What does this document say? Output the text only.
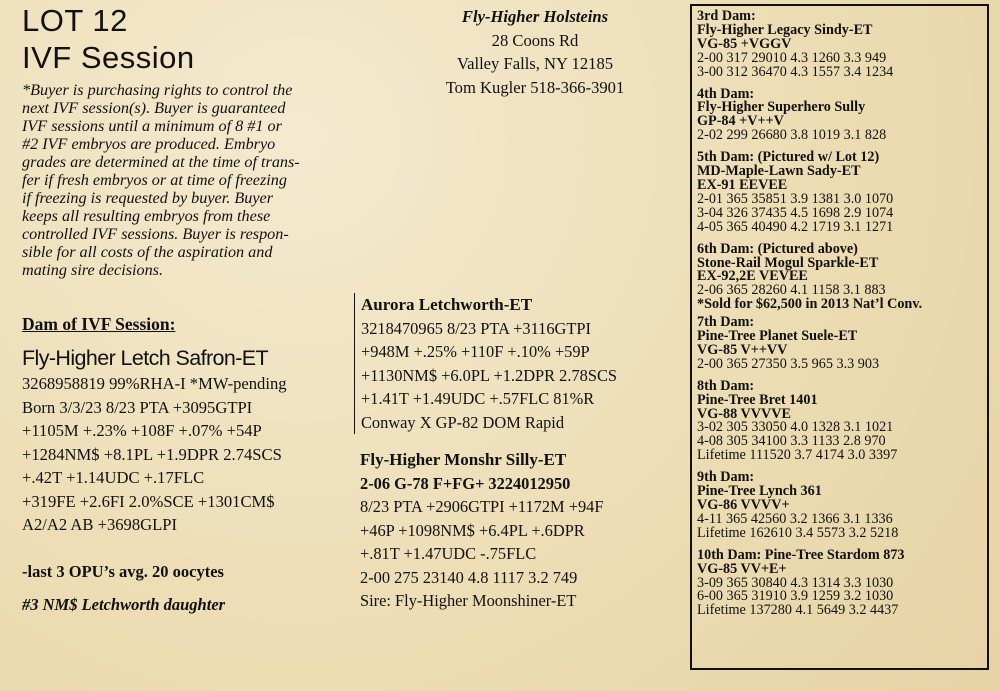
LOT 12
IVF Session
*Buyer is purchasing rights to control the
next IVF session(s). Buyer is guaranteed
IVF sessions until a minimum of 8 #1 or
#2 IVF embryos are produced. Embryo
grades are determined at the time of trans-
fer if fresh embryos or at time of freezing
if freezing is requested by buyer. Buyer
keeps all resulting embryos from these
controlled IVF sessions. Buyer is respon-
sible for all costs of the aspiration and
mating sire decisions.
Dam of IVF Session:
Fly-Higher Letch Safron-ET
3268958819 99%RHA-I *MW-pending
Born 3/3/23 8/23 PTA +3095GTPI
+1105M +.23% +108F +.07% +54P
+1284NM$ +8.1PL +1.9DPR 2.74SCS
+.42T +1.14UDC +.17FLC
+319FE +2.6FI 2.0%SCE +1301CM$
A2/A2 AB +3698GLPI
-last 3 OPU’s avg. 20 oocytes
#3 NM$ Letchworth daughter
Fly-Higher Holsteins
28 Coons Rd
Valley Falls, NY 12185
Tom Kugler 518-366-3901
Aurora Letchworth-ET
3218470965 8/23 PTA +3116GTPI
+948M +.25% +110F +.10% +59P
+1130NM$ +6.0PL +1.2DPR 2.78SCS
+1.41T +1.49UDC +.57FLC 81%R
Conway X GP-82 DOM Rapid
Fly-Higher Monshr Silly-ET
2-06 G-78 F+FG+ 3224012950
8/23 PTA +2906GTPI +1172M +94F
+46P +1098NM$ +6.4PL +.6DPR
+.81T +1.47UDC -.75FLC
2-00 275 23140 4.8 1117 3.2 749
Sire: Fly-Higher Moonshiner-ET
3rd Dam:
Fly-Higher Legacy Sindy-ET
VG-85 +VGGV
2-00 317 29010 4.3 1260 3.3 949
3-00 312 36470 4.3 1557 3.4 1234
4th Dam:
Fly-Higher Superhero Sully
GP-84 +V++V
2-02 299 26680 3.8 1019 3.1 828
5th Dam: (Pictured w/ Lot 12)
MD-Maple-Lawn Sady-ET
EX-91 EEVEE
2-01 365 35851 3.9 1381 3.0 1070
3-04 326 37435 4.5 1698 2.9 1074
4-05 365 40490 4.2 1719 3.1 1271
6th Dam: (Pictured above)
Stone-Rail Mogul Sparkle-ET
EX-92,2E VEVEE
2-06 365 28260 4.1 1158 3.1 883
*Sold for $62,500 in 2013 Nat’l Conv.
7th Dam:
Pine-Tree Planet Suele-ET
VG-85 V++VV
2-00 365 27350 3.5 965 3.3 903
8th Dam:
Pine-Tree Bret 1401
VG-88 VVVVE
3-02 305 33050 4.0 1328 3.1 1021
4-08 305 34100 3.3 1133 2.8 970
Lifetime 111520 3.7 4174 3.0 3397
9th Dam:
Pine-Tree Lynch 361
VG-86 VVVV+
4-11 365 42560 3.2 1366 3.1 1336
Lifetime 162610 3.4 5573 3.2 5218
10th Dam: Pine-Tree Stardom 873
VG-85 VV+E+
3-09 365 30840 4.3 1314 3.3 1030
6-00 365 31910 3.9 1259 3.2 1030
Lifetime 137280 4.1 5649 3.2 4437
